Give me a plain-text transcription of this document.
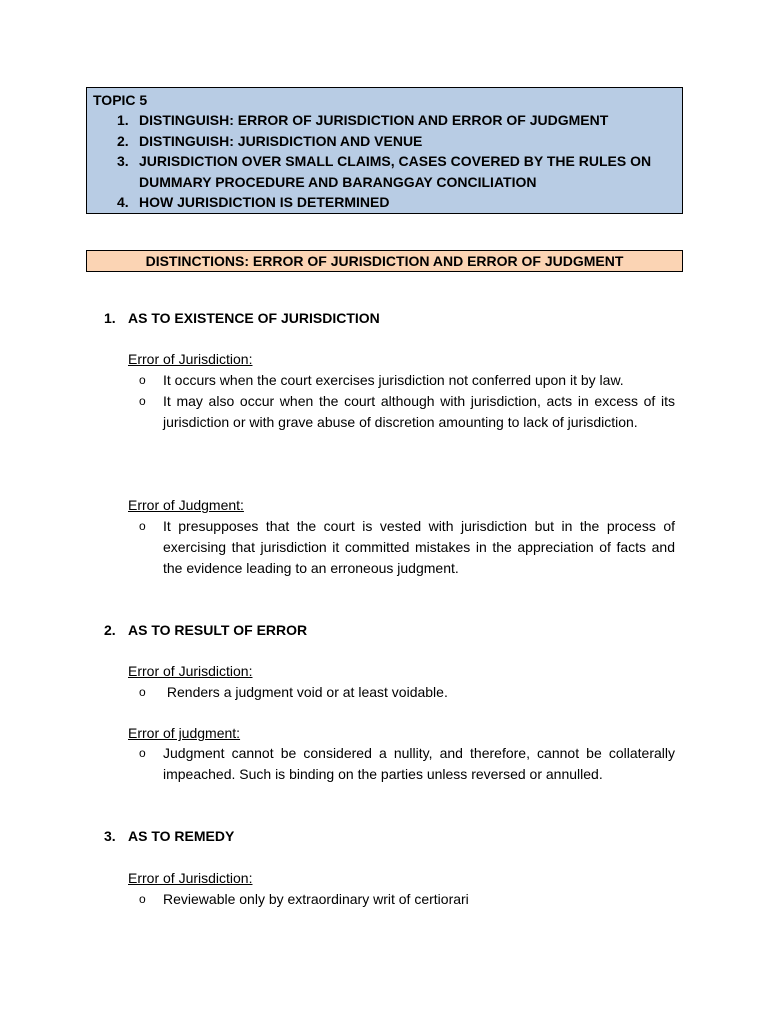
TOPIC 5
1. DISTINGUISH: ERROR OF JURISDICTION AND ERROR OF JUDGMENT
2. DISTINGUISH: JURISDICTION AND VENUE
3. JURISDICTION OVER SMALL CLAIMS, CASES COVERED BY THE RULES ON DUMMARY PROCEDURE AND BARANGGAY CONCILIATION
4. HOW JURISDICTION IS DETERMINED
DISTINCTIONS: ERROR OF JURISDICTION AND ERROR OF JUDGMENT
1. AS TO EXISTENCE OF JURISDICTION
Error of Jurisdiction:
o It occurs when the court exercises jurisdiction not conferred upon it by law.
o It may also occur when the court although with jurisdiction, acts in excess of its jurisdiction or with grave abuse of discretion amounting to lack of jurisdiction.
Error of Judgment:
o It presupposes that the court is vested with jurisdiction but in the process of exercising that jurisdiction it committed mistakes in the appreciation of facts and the evidence leading to an erroneous judgment.
2. AS TO RESULT OF ERROR
Error of Jurisdiction:
o Renders a judgment void or at least voidable.
Error of judgment:
o Judgment cannot be considered a nullity, and therefore, cannot be collaterally impeached. Such is binding on the parties unless reversed or annulled.
3. AS TO REMEDY
Error of Jurisdiction:
o Reviewable only by extraordinary writ of certiorari
